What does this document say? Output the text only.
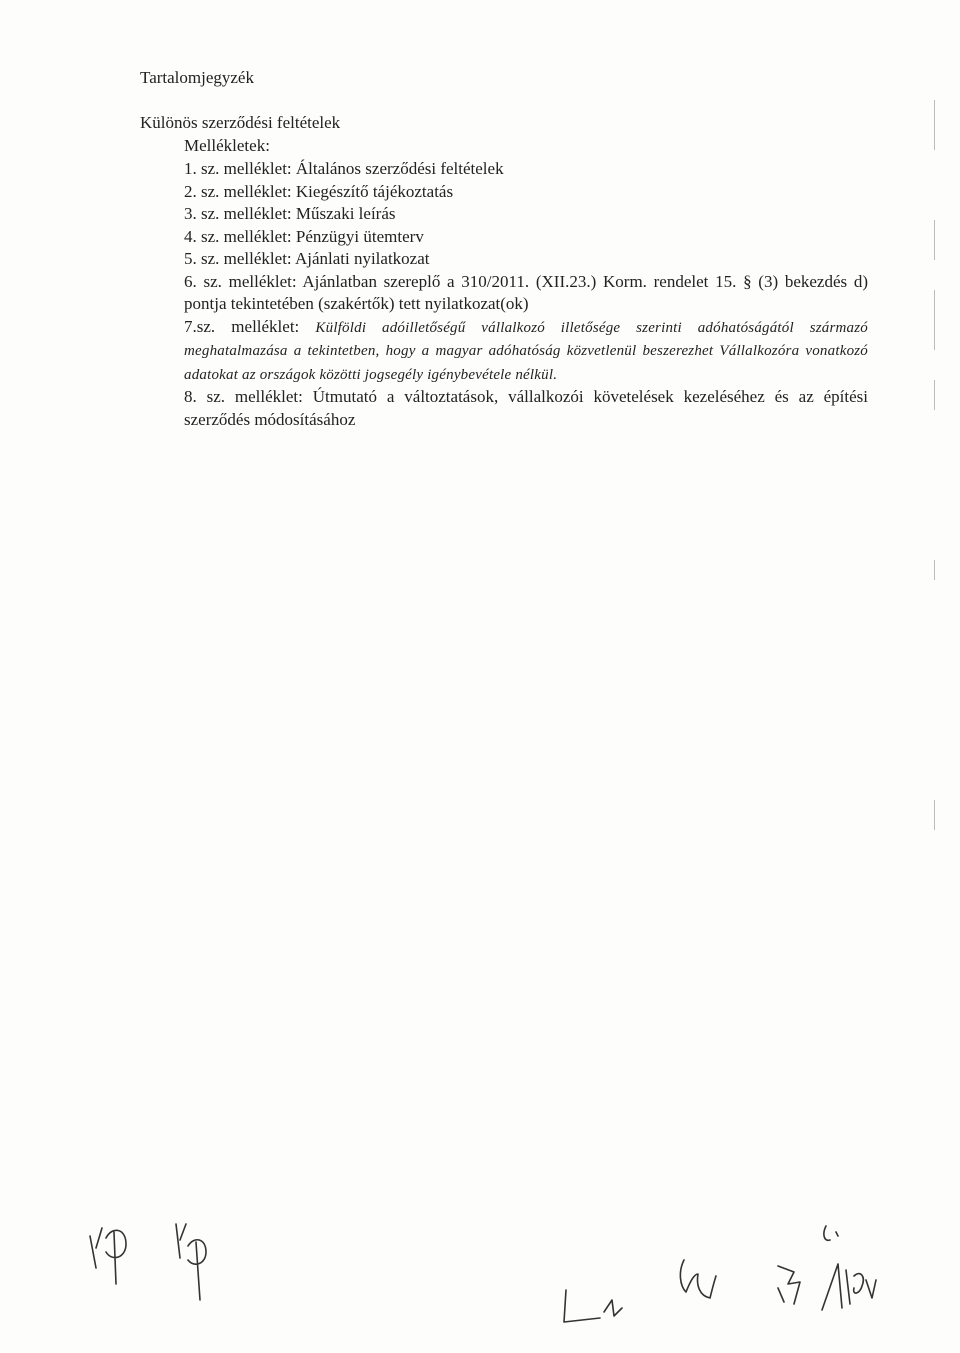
Tartalomjegyzék
Különös szerződési feltételek
Mellékletek:

1. sz. melléklet: Általános szerződési feltételek

2. sz. melléklet: Kiegészítő tájékoztatás

3. sz. melléklet: Műszaki leírás

4. sz. melléklet: Pénzügyi ütemterv

5. sz. melléklet: Ajánlati nyilatkozat

6. sz. melléklet: Ajánlatban szereplő a 310/2011. (XII.23.) Korm. rendelet 15. § (3) bekezdés d) pontja tekintetében (szakértők) tett nyilatkozat(ok)

7.sz. melléklet: Külföldi adóilletőségű vállalkozó illetősége szerinti adóhatóságától származó meghatalmazása a tekintetben, hogy a magyar adóhatóság közvetlenül beszerezhet Vállalkozóra vonatkozó adatokat az országok közötti jogsegély igénybevétele nélkül.

8. sz. melléklet: Útmutató a változtatások, vállalkozói követelések kezeléséhez és az építési szerződés módosításához
